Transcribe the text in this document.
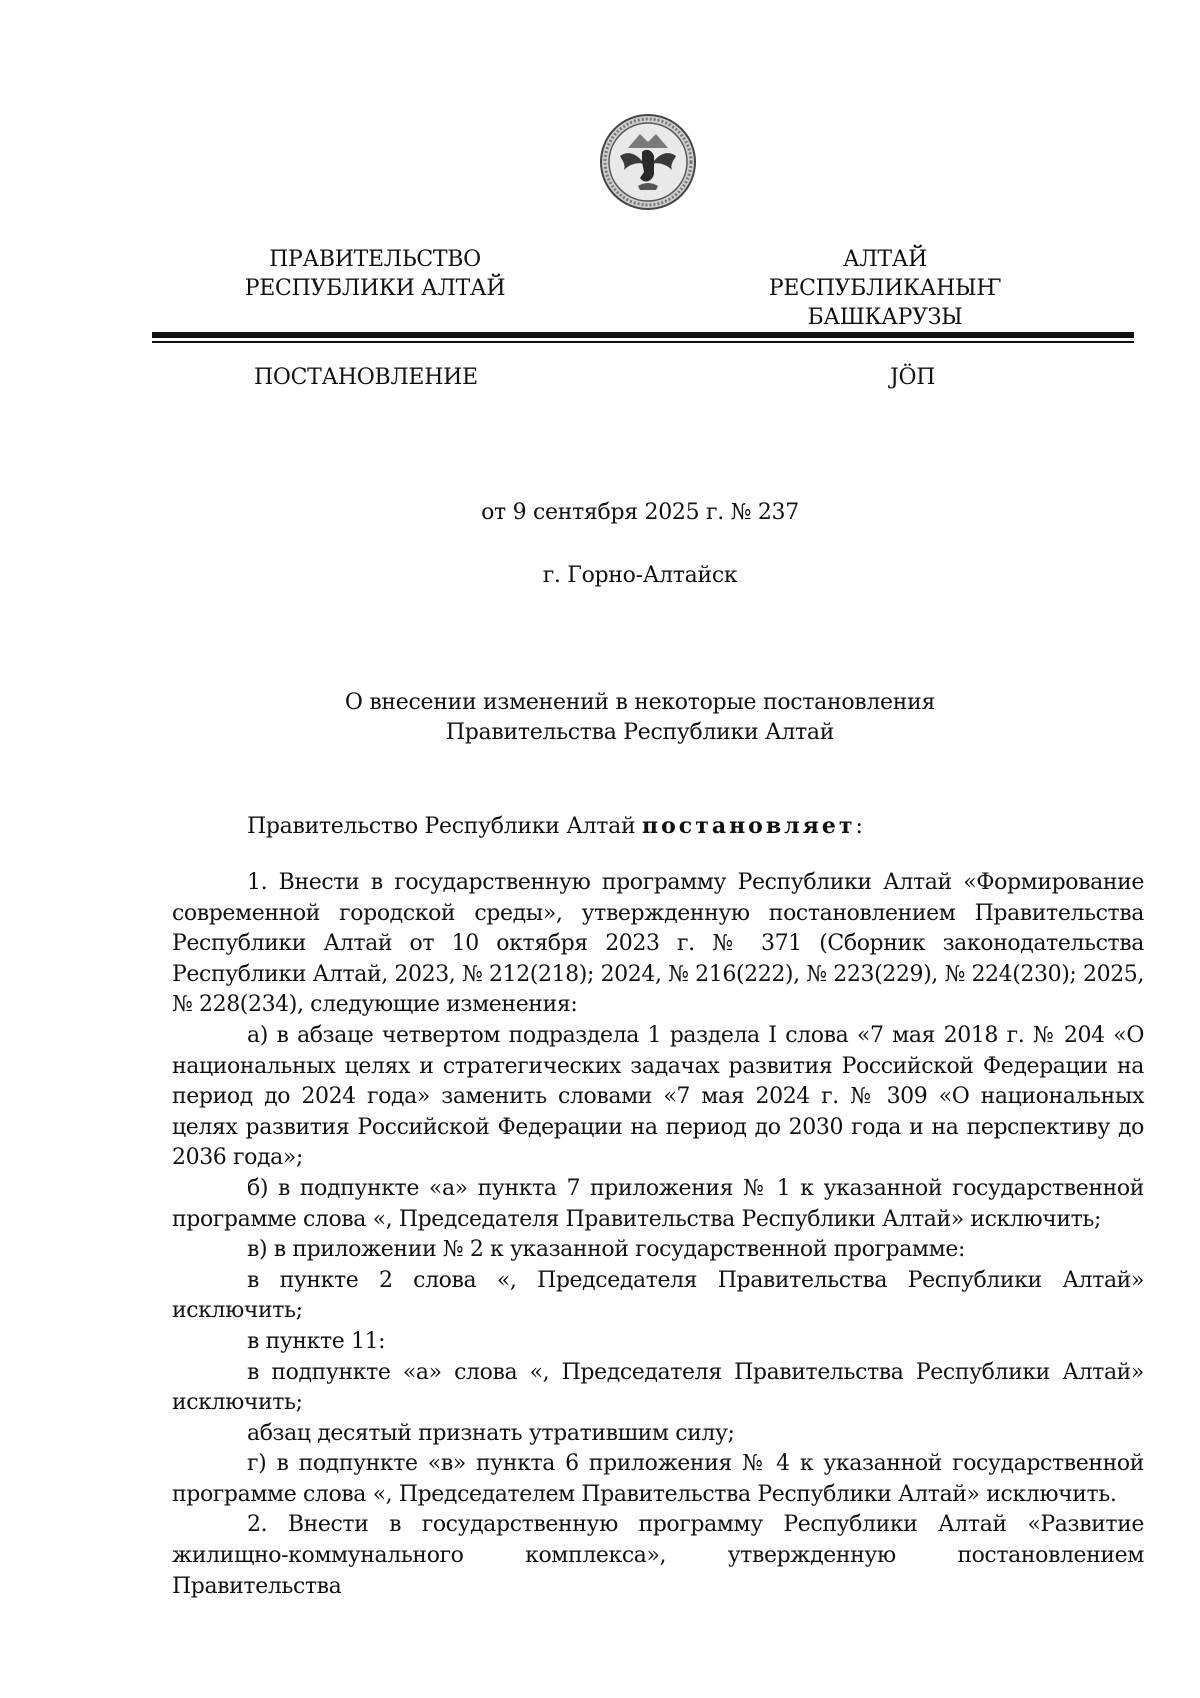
ПРАВИТЕЛЬСТВО
РЕСПУБЛИКИ АЛТАЙ
АЛТАЙ РЕСПУБЛИКАНЫҤ
БАШКАРУЗЫ
ПОСТАНОВЛЕНИЕ	JÖП
от 9 сентября 2025 г. № 237
г. Горно-Алтайск
О внесении изменений в некоторые постановления
Правительства Республики Алтай
Правительство Республики Алтай постановляет:

1. Внести в государственную программу Республики Алтай «Формирование современной городской среды», утвержденную постановлением Правительства Республики Алтай от 10 октября 2023 г. № 371 (Сборник законодательства Республики Алтай, 2023, № 212(218); 2024, № 216(222), № 223(229), № 224(230); 2025, № 228(234), следующие изменения:

а) в абзаце четвертом подраздела 1 раздела I слова «7 мая 2018 г. № 204 «О национальных целях и стратегических задачах развития Российской Федерации на период до 2024 года» заменить словами «7 мая 2024 г. № 309 «О национальных целях развития Российской Федерации на период до 2030 года и на перспективу до 2036 года»;

б) в подпункте «а» пункта 7 приложения № 1 к указанной государственной программе слова «, Председателя Правительства Республики Алтай» исключить;

в) в приложении № 2 к указанной государственной программе:

в пункте 2 слова «, Председателя Правительства Республики Алтай» исключить;

в пункте 11:

в подпункте «а» слова «, Председателя Правительства Республики Алтай» исключить;

абзац десятый признать утратившим силу;

г) в подпункте «в» пункта 6 приложения № 4 к указанной государственной программе слова «, Председателем Правительства Республики Алтай» исключить.

2. Внести в государственную программу Республики Алтай «Развитие жилищно-коммунального комплекса», утвержденную постановлением Правительства
